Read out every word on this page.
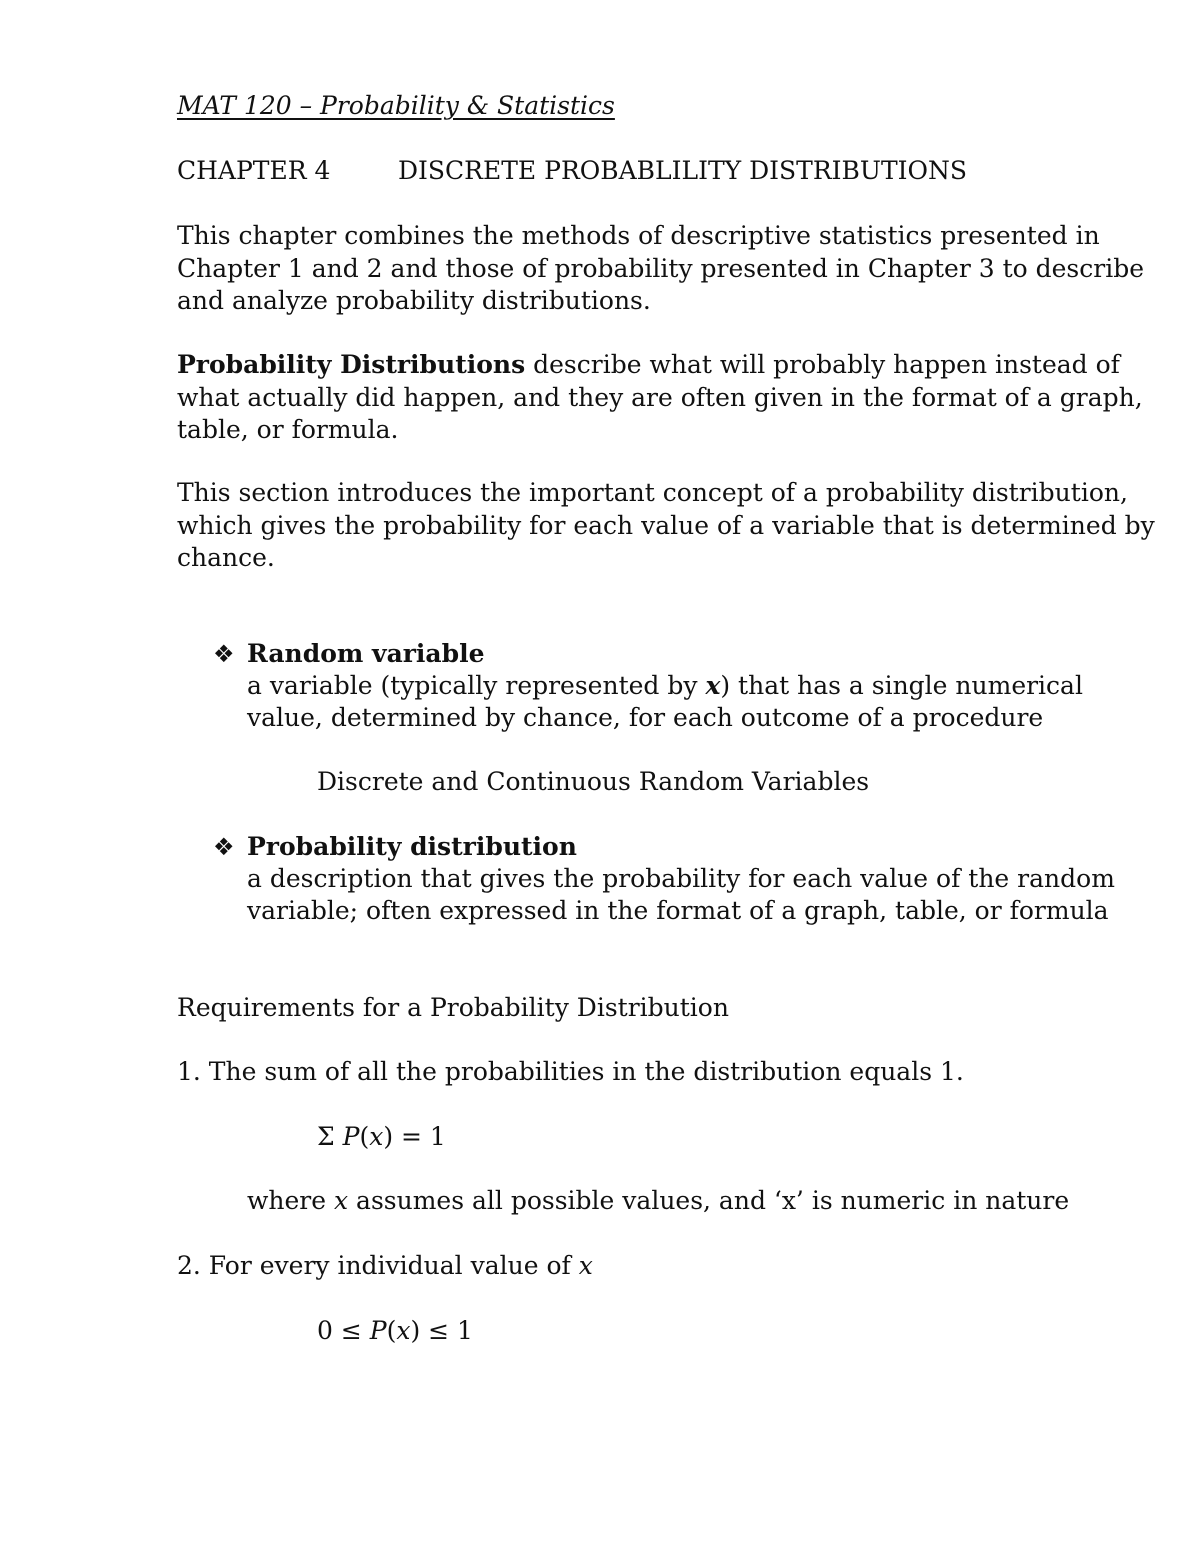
MAT 120 – Probability & Statistics

CHAPTER 4	DISCRETE PROBABLILITY DISTRIBUTIONS

This chapter combines the methods of descriptive statistics presented in
Chapter 1 and 2 and those of probability presented in Chapter 3 to describe
and analyze probability distributions.
Probability Distributions describe what will probably happen instead of
what actually did happen, and they are often given in the format of a graph,
table, or formula.
This section introduces the important concept of a probability distribution,
which gives the probability for each value of a variable that is determined by
chance.
❖ Random variable
a variable (typically represented by x) that has a single numerical
value, determined by chance, for each outcome of a procedure
Discrete and Continuous Random Variables
❖ Probability distribution
a description that gives the probability for each value of the random
variable; often expressed in the format of a graph, table, or formula
Requirements for a Probability Distribution
1. The sum of all the probabilities in the distribution equals 1.
Σ P(x) = 1
where x assumes all possible values, and ‘x’ is numeric in nature
2. For every individual value of x
0 ≤ P(x) ≤ 1
